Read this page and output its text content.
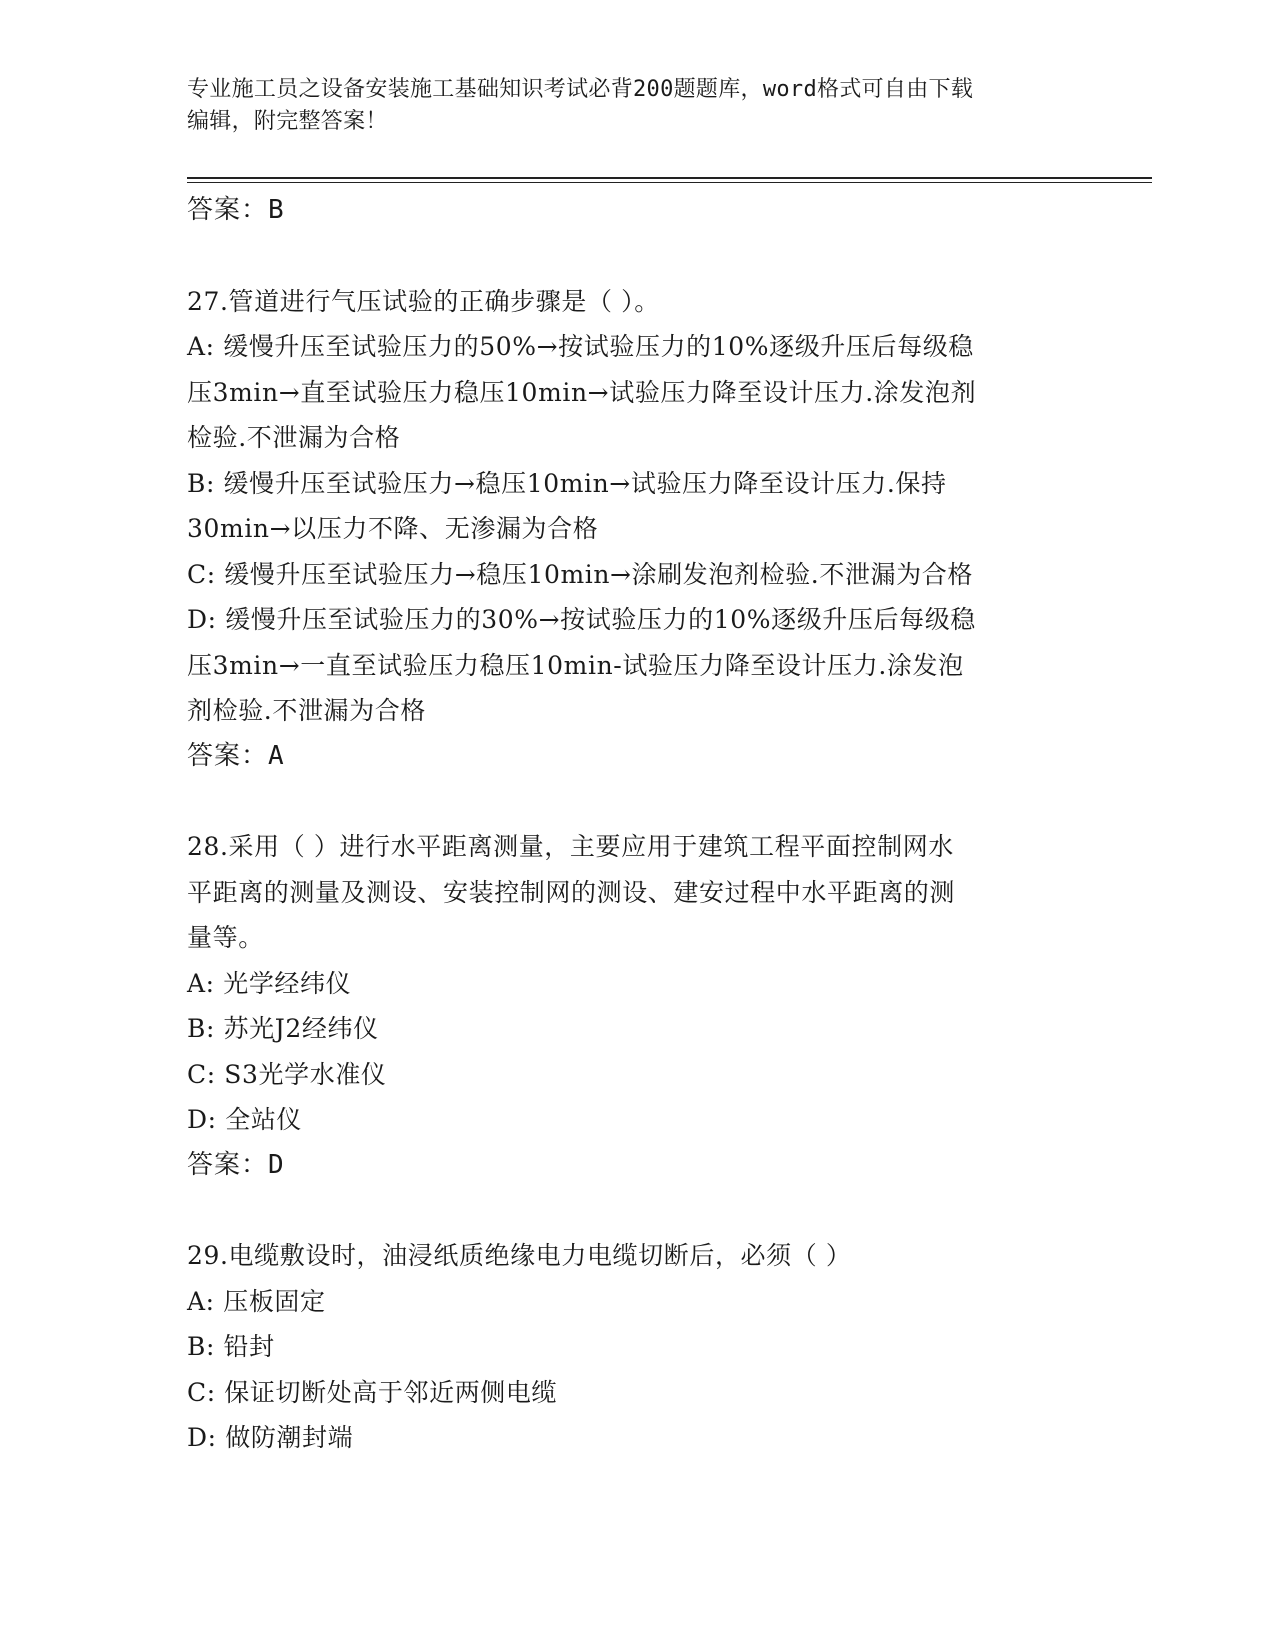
专业施工员之设备安装施工基础知识考试必背200题题库，word格式可自由下载
编辑，附完整答案！
答案：B
27.管道进行气压试验的正确步骤是（ ）。
A: 缓慢升压至试验压力的50%→按试验压力的10%逐级升压后每级稳
压3min→直至试验压力稳压10min→试验压力降至设计压力.涂发泡剂
检验.不泄漏为合格
B: 缓慢升压至试验压力→稳压10min→试验压力降至设计压力.保持
30min→以压力不降、无渗漏为合格
C: 缓慢升压至试验压力→稳压10min→涂刷发泡剂检验.不泄漏为合格
D: 缓慢升压至试验压力的30%→按试验压力的10%逐级升压后每级稳
压3min→一直至试验压力稳压10min-试验压力降至设计压力.涂发泡
剂检验.不泄漏为合格
答案：A
28.采用（ ）进行水平距离测量，主要应用于建筑工程平面控制网水
平距离的测量及测设、安装控制网的测设、建安过程中水平距离的测
量等。
A: 光学经纬仪
B: 苏光J2经纬仪
C: S3光学水准仪
D: 全站仪
答案：D
29.电缆敷设时，油浸纸质绝缘电力电缆切断后，必须（ ）
A: 压板固定
B: 铅封
C: 保证切断处高于邻近两侧电缆
D: 做防潮封端
